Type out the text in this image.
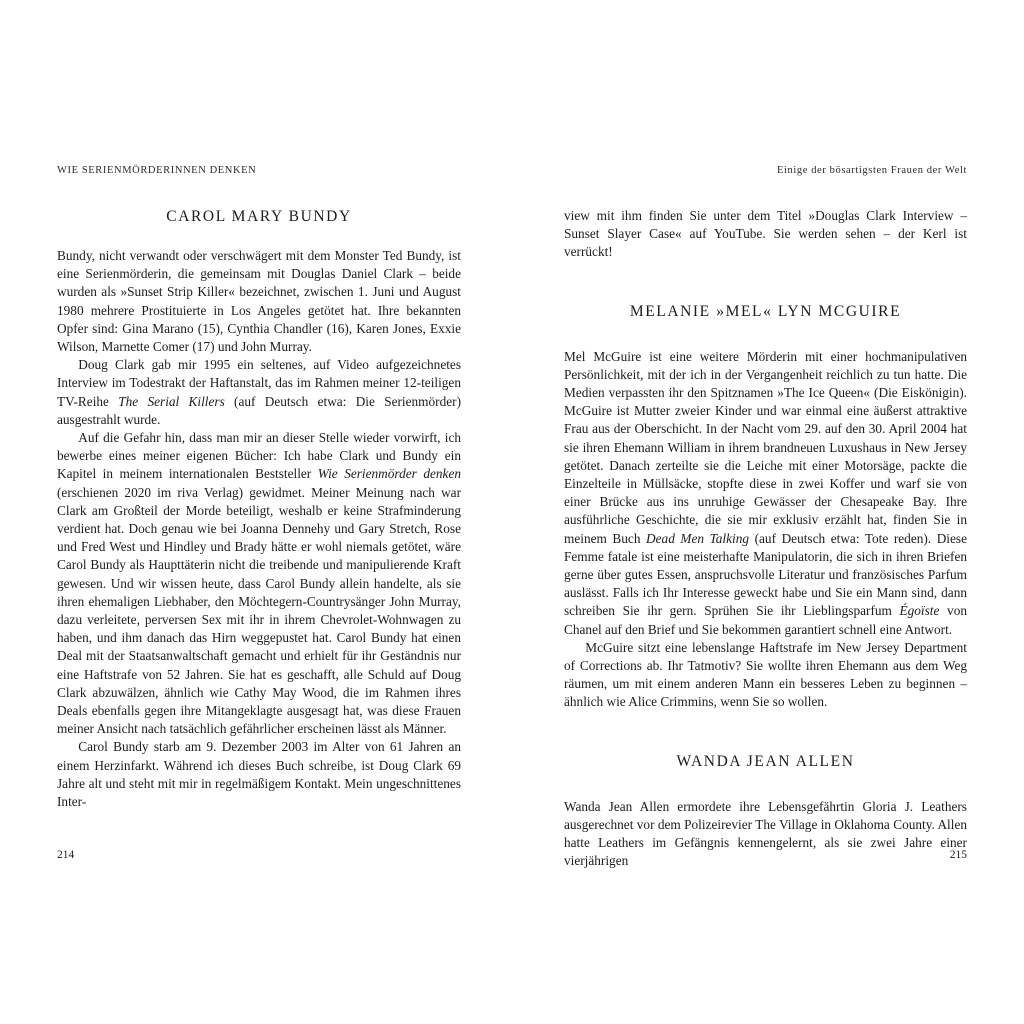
WIE SERIENMÖRDERINNEN DENKEN
CAROL MARY BUNDY

Bundy, nicht verwandt oder verschwägert mit dem Monster Ted Bundy, ist eine Serienmörderin, die gemeinsam mit Douglas Daniel Clark – beide wurden als »Sunset Strip Killer« bezeichnet, zwischen 1. Juni und August 1980 mehrere Prostituierte in Los Angeles getötet hat. Ihre bekannten Opfer sind: Gina Marano (15), Cynthia Chandler (16), Karen Jones, Exxie Wilson, Marnette Comer (17) und John Murray.

Doug Clark gab mir 1995 ein seltenes, auf Video aufgezeichnetes Interview im Todestrakt der Haftanstalt, das im Rahmen meiner 12-teiligen TV-Reihe The Serial Killers (auf Deutsch etwa: Die Serienmörder) ausgestrahlt wurde.

Auf die Gefahr hin, dass man mir an dieser Stelle wieder vorwirft, ich bewerbe eines meiner eigenen Bücher: Ich habe Clark und Bundy ein Kapitel in meinem internationalen Beststeller Wie Serienmörder denken (erschienen 2020 im riva Verlag) gewidmet. Meiner Meinung nach war Clark am Großteil der Morde beteiligt, weshalb er keine Strafminderung verdient hat. Doch genau wie bei Joanna Dennehy und Gary Stretch, Rose und Fred West und Hindley und Brady hätte er wohl niemals getötet, wäre Carol Bundy als Haupttäterin nicht die treibende und manipulierende Kraft gewesen. Und wir wissen heute, dass Carol Bundy allein handelte, als sie ihren ehemaligen Liebhaber, den Möchtegern-Countrysänger John Murray, dazu verleitete, perversen Sex mit ihr in ihrem Chevrolet-Wohnwagen zu haben, und ihm danach das Hirn weggepustet hat. Carol Bundy hat einen Deal mit der Staatsanwaltschaft gemacht und erhielt für ihr Geständnis nur eine Haftstrafe von 52 Jahren. Sie hat es geschafft, alle Schuld auf Doug Clark abzuwälzen, ähnlich wie Cathy May Wood, die im Rahmen ihres Deals ebenfalls gegen ihre Mitangeklagte ausgesagt hat, was diese Frauen meiner Ansicht nach tatsächlich gefährlicher erscheinen lässt als Männer.

Carol Bundy starb am 9. Dezember 2003 im Alter von 61 Jahren an einem Herzinfarkt. Während ich dieses Buch schreibe, ist Doug Clark 69 Jahre alt und steht mit mir in regelmäßigem Kontakt. Mein ungeschnittenes Inter-

214
Einige der bösartigsten Frauen der Welt

view mit ihm finden Sie unter dem Titel »Douglas Clark Interview – Sunset Slayer Case« auf YouTube. Sie werden sehen – der Kerl ist verrückt!

MELANIE »MEL« LYN MCGUIRE

Mel McGuire ist eine weitere Mörderin mit einer hochmanipulativen Persönlichkeit, mit der ich in der Vergangenheit reichlich zu tun hatte. Die Medien verpassten ihr den Spitznamen »The Ice Queen« (Die Eiskönigin). McGuire ist Mutter zweier Kinder und war einmal eine äußerst attraktive Frau aus der Oberschicht. In der Nacht vom 29. auf den 30. April 2004 hat sie ihren Ehemann William in ihrem brandneuen Luxushaus in New Jersey getötet. Danach zerteilte sie die Leiche mit einer Motorsäge, packte die Einzelteile in Müllsäcke, stopfte diese in zwei Koffer und warf sie von einer Brücke aus ins unruhige Gewässer der Chesapeake Bay. Ihre ausführliche Geschichte, die sie mir exklusiv erzählt hat, finden Sie in meinem Buch Dead Men Talking (auf Deutsch etwa: Tote reden). Diese Femme fatale ist eine meisterhafte Manipulatorin, die sich in ihren Briefen gerne über gutes Essen, anspruchsvolle Literatur und französisches Parfum auslässt. Falls ich Ihr Interesse geweckt habe und Sie ein Mann sind, dann schreiben Sie ihr gern. Sprühen Sie ihr Lieblingsparfum Égoïste von Chanel auf den Brief und Sie bekommen garantiert schnell eine Antwort.

McGuire sitzt eine lebenslange Haftstrafe im New Jersey Department of Corrections ab. Ihr Tatmotiv? Sie wollte ihren Ehemann aus dem Weg räumen, um mit einem anderen Mann ein besseres Leben zu beginnen – ähnlich wie Alice Crimmins, wenn Sie so wollen.

WANDA JEAN ALLEN

Wanda Jean Allen ermordete ihre Lebensgefährtin Gloria J. Leathers ausgerechnet vor dem Polizeirevier The Village in Oklahoma County. Allen hatte Leathers im Gefängnis kennengelernt, als sie zwei Jahre einer vierjährigen	215
